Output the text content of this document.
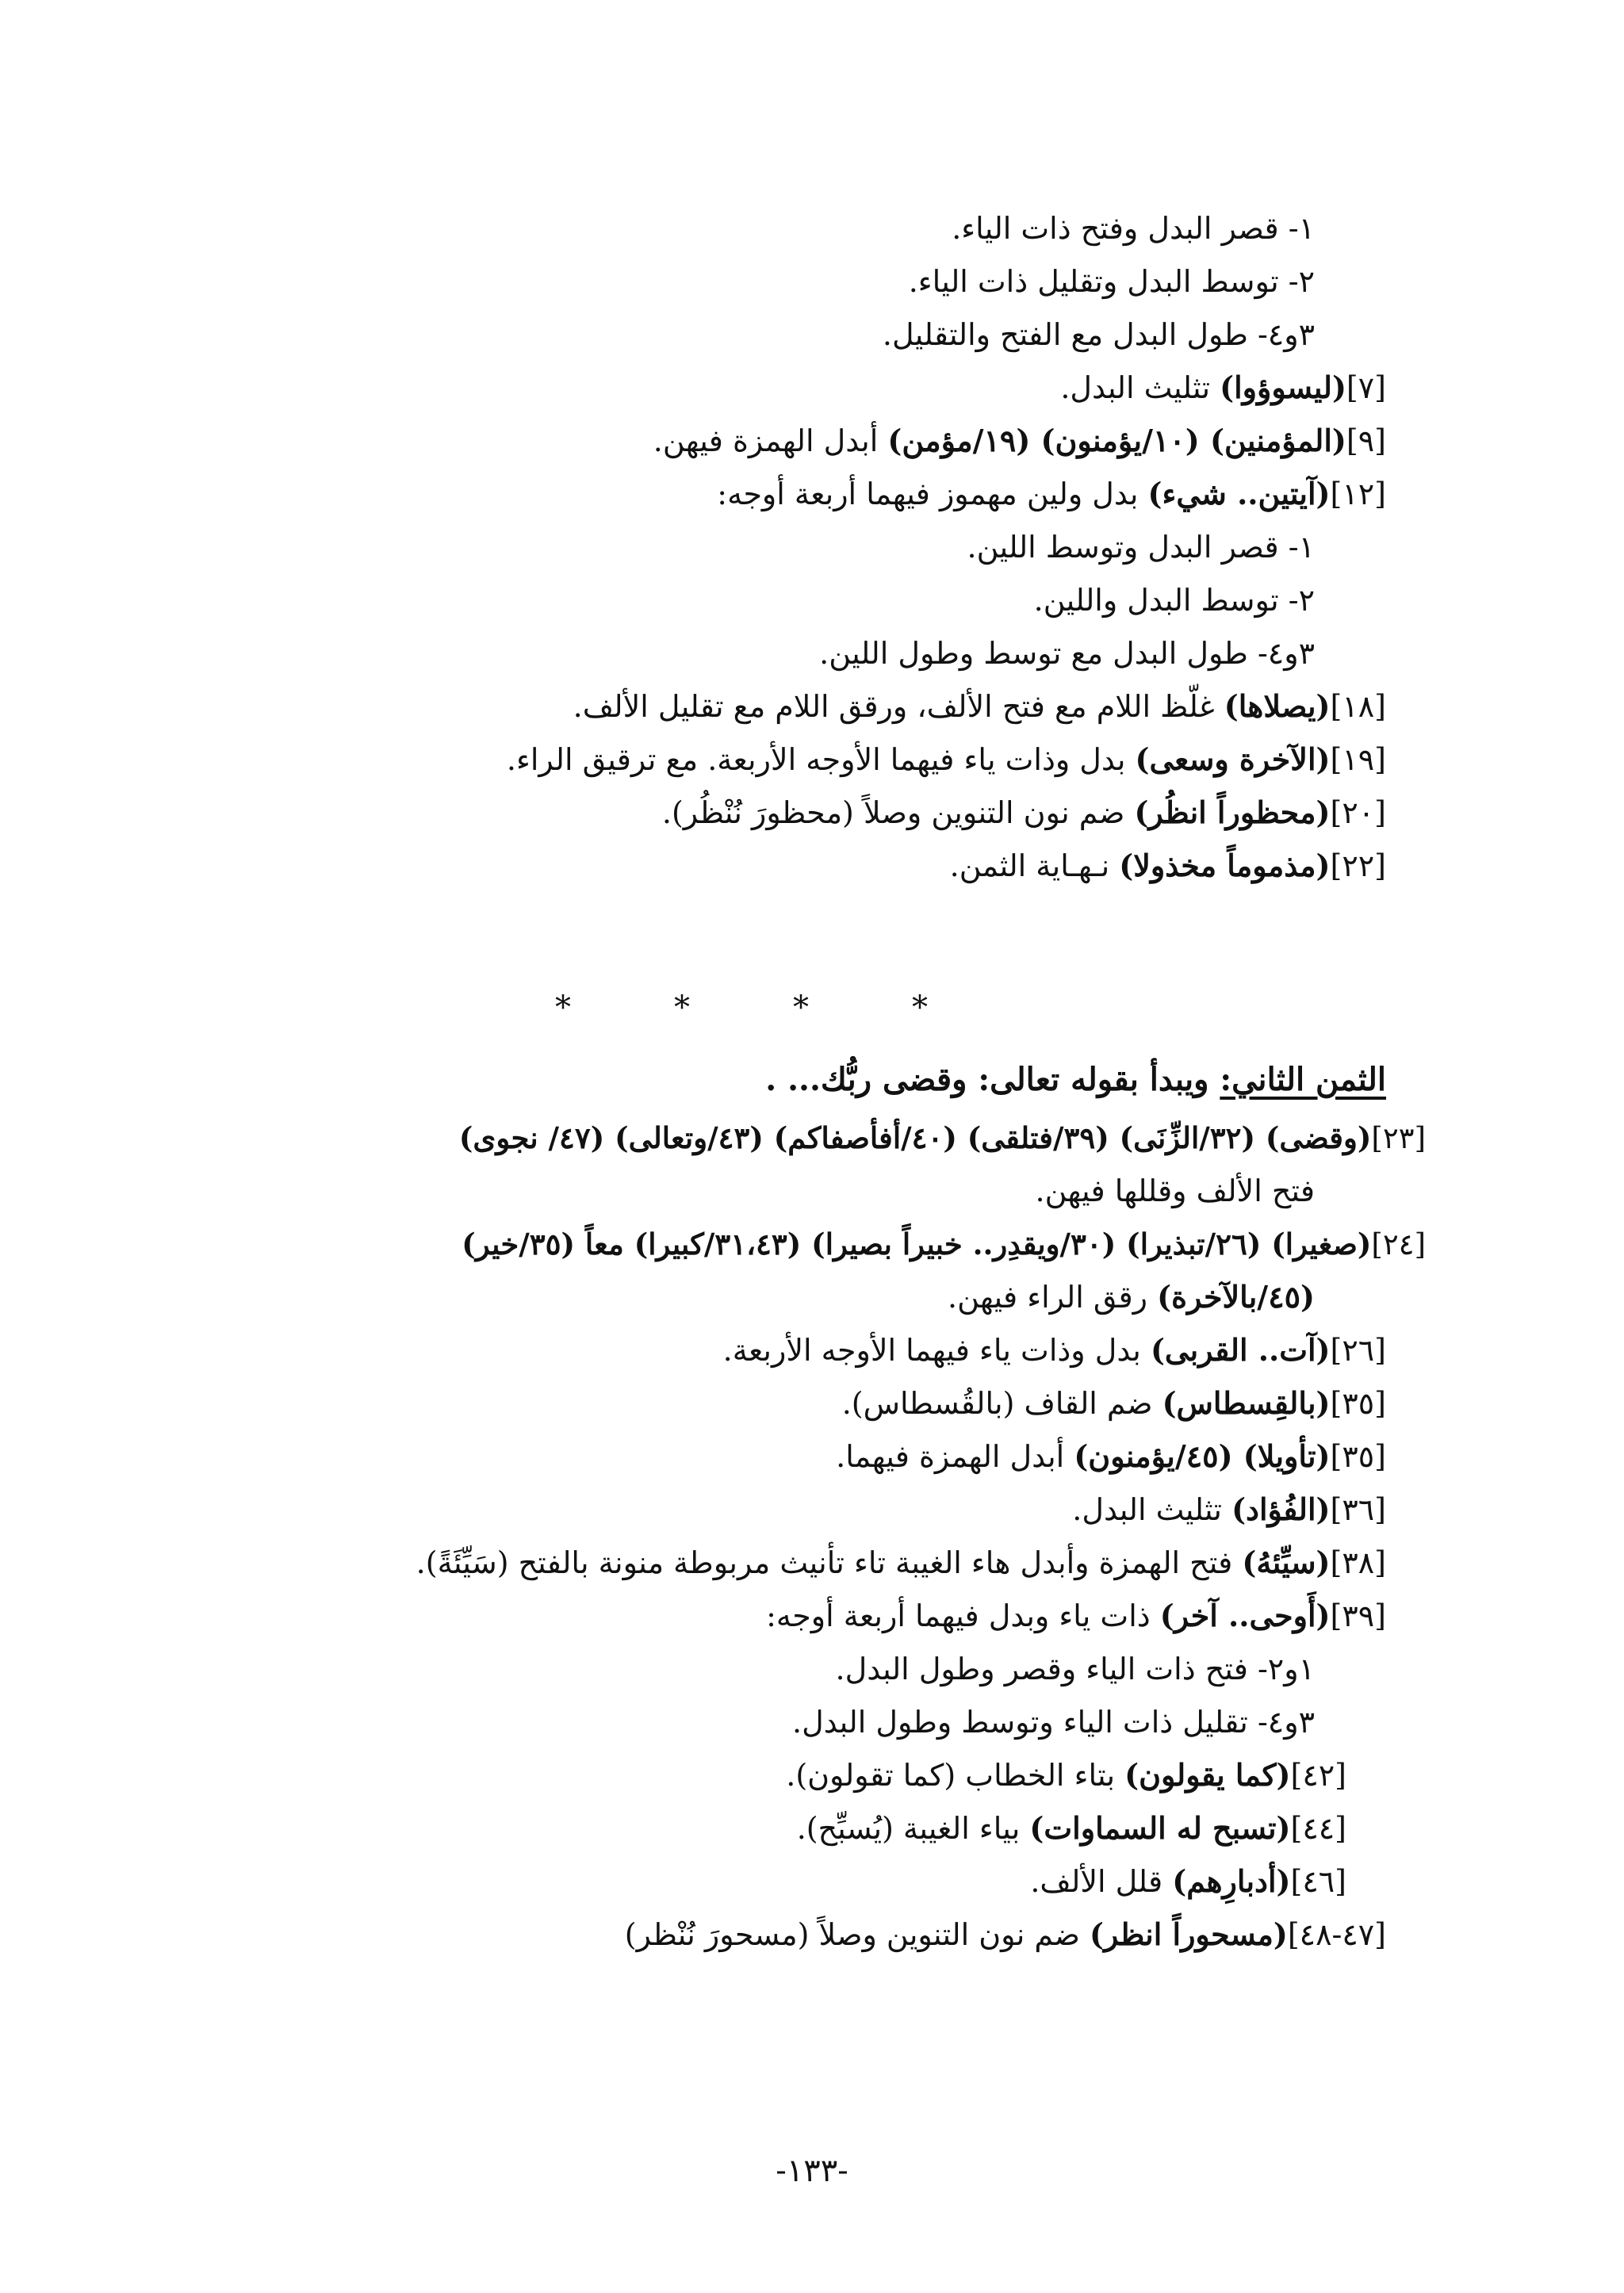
١- قصر البدل وفتح ذات الياء.
٢- توسط البدل وتقليل ذات الياء.
٣و٤- طول البدل مع الفتح والتقليل.
[٧](ليسوؤوا) تثليث البدل.
[٩](المؤمنين) (١٠/يؤمنون) (١٩/مؤمن) أبدل الهمزة فيهن.
[١٢](آيتين.. شيء) بدل ولين مهموز فيهما أربعة أوجه:
١- قصر البدل وتوسط اللين.
٢- توسط البدل واللين.
٣و٤- طول البدل مع توسط وطول اللين.
[١٨](يصلاها) غلّظ اللام مع فتح الألف، ورقق اللام مع تقليل الألف.
[١٩](الآخرة وسعى) بدل وذات ياء فيهما الأوجه الأربعة. مع ترقيق الراء.
[٢٠](محظوراً انظُر) ضم نون التنوين وصلاً (محظورَ نُنْظُر).
[٢٢](مذموماً مخذولا) نـهـاية الثمن.
*	*	*	*
الثمن الثاني: ويبدأ بقوله تعالى: وقضى ربُّك... .
[٢٣](وقضى) (٣٢/الزِّنَى) (٣٩/فتلقى) (٤٠/أفأصفاكم) (٤٣/وتعالى) (٤٧/ نجوى)
فتح الألف وقللها فيهن.
[٢٤](صغيرا) (٢٦/تبذيرا) (٣٠/ويقدِر.. خبيراً بصيرا) (٣١،٤٣/كبيرا) معاً (٣٥/خير)
(٤٥/بالآخرة) رقق الراء فيهن.
[٢٦](آت.. القربى) بدل وذات ياء فيهما الأوجه الأربعة.
[٣٥](بالقِسطاس) ضم القاف (بالقُسطاس).
[٣٥](تأويلا) (٤٥/يؤمنون) أبدل الهمزة فيهما.
[٣٦](الفُؤاد) تثليث البدل.
[٣٨](سيِّئهُ) فتح الهمزة وأبدل هاء الغيبة تاء تأنيث مربوطة منونة بالفتح (سَيِّئَةً).
[٣٩](أَوحى.. آخر) ذات ياء وبدل فيهما أربعة أوجه:
١و٢- فتح ذات الياء وقصر وطول البدل.
٣و٤- تقليل ذات الياء وتوسط وطول البدل.
[٤٢](كما يقولون) بتاء الخطاب (كما تقولون).
[٤٤](تسبح له السماوات) بياء الغيبة (يُسبِّح).
[٤٦](أدبارِهم) قلل الألف.
[٤٧-٤٨](مسحوراً انظر) ضم نون التنوين وصلاً (مسحورَ نُنْظر)
-١٣٣-
